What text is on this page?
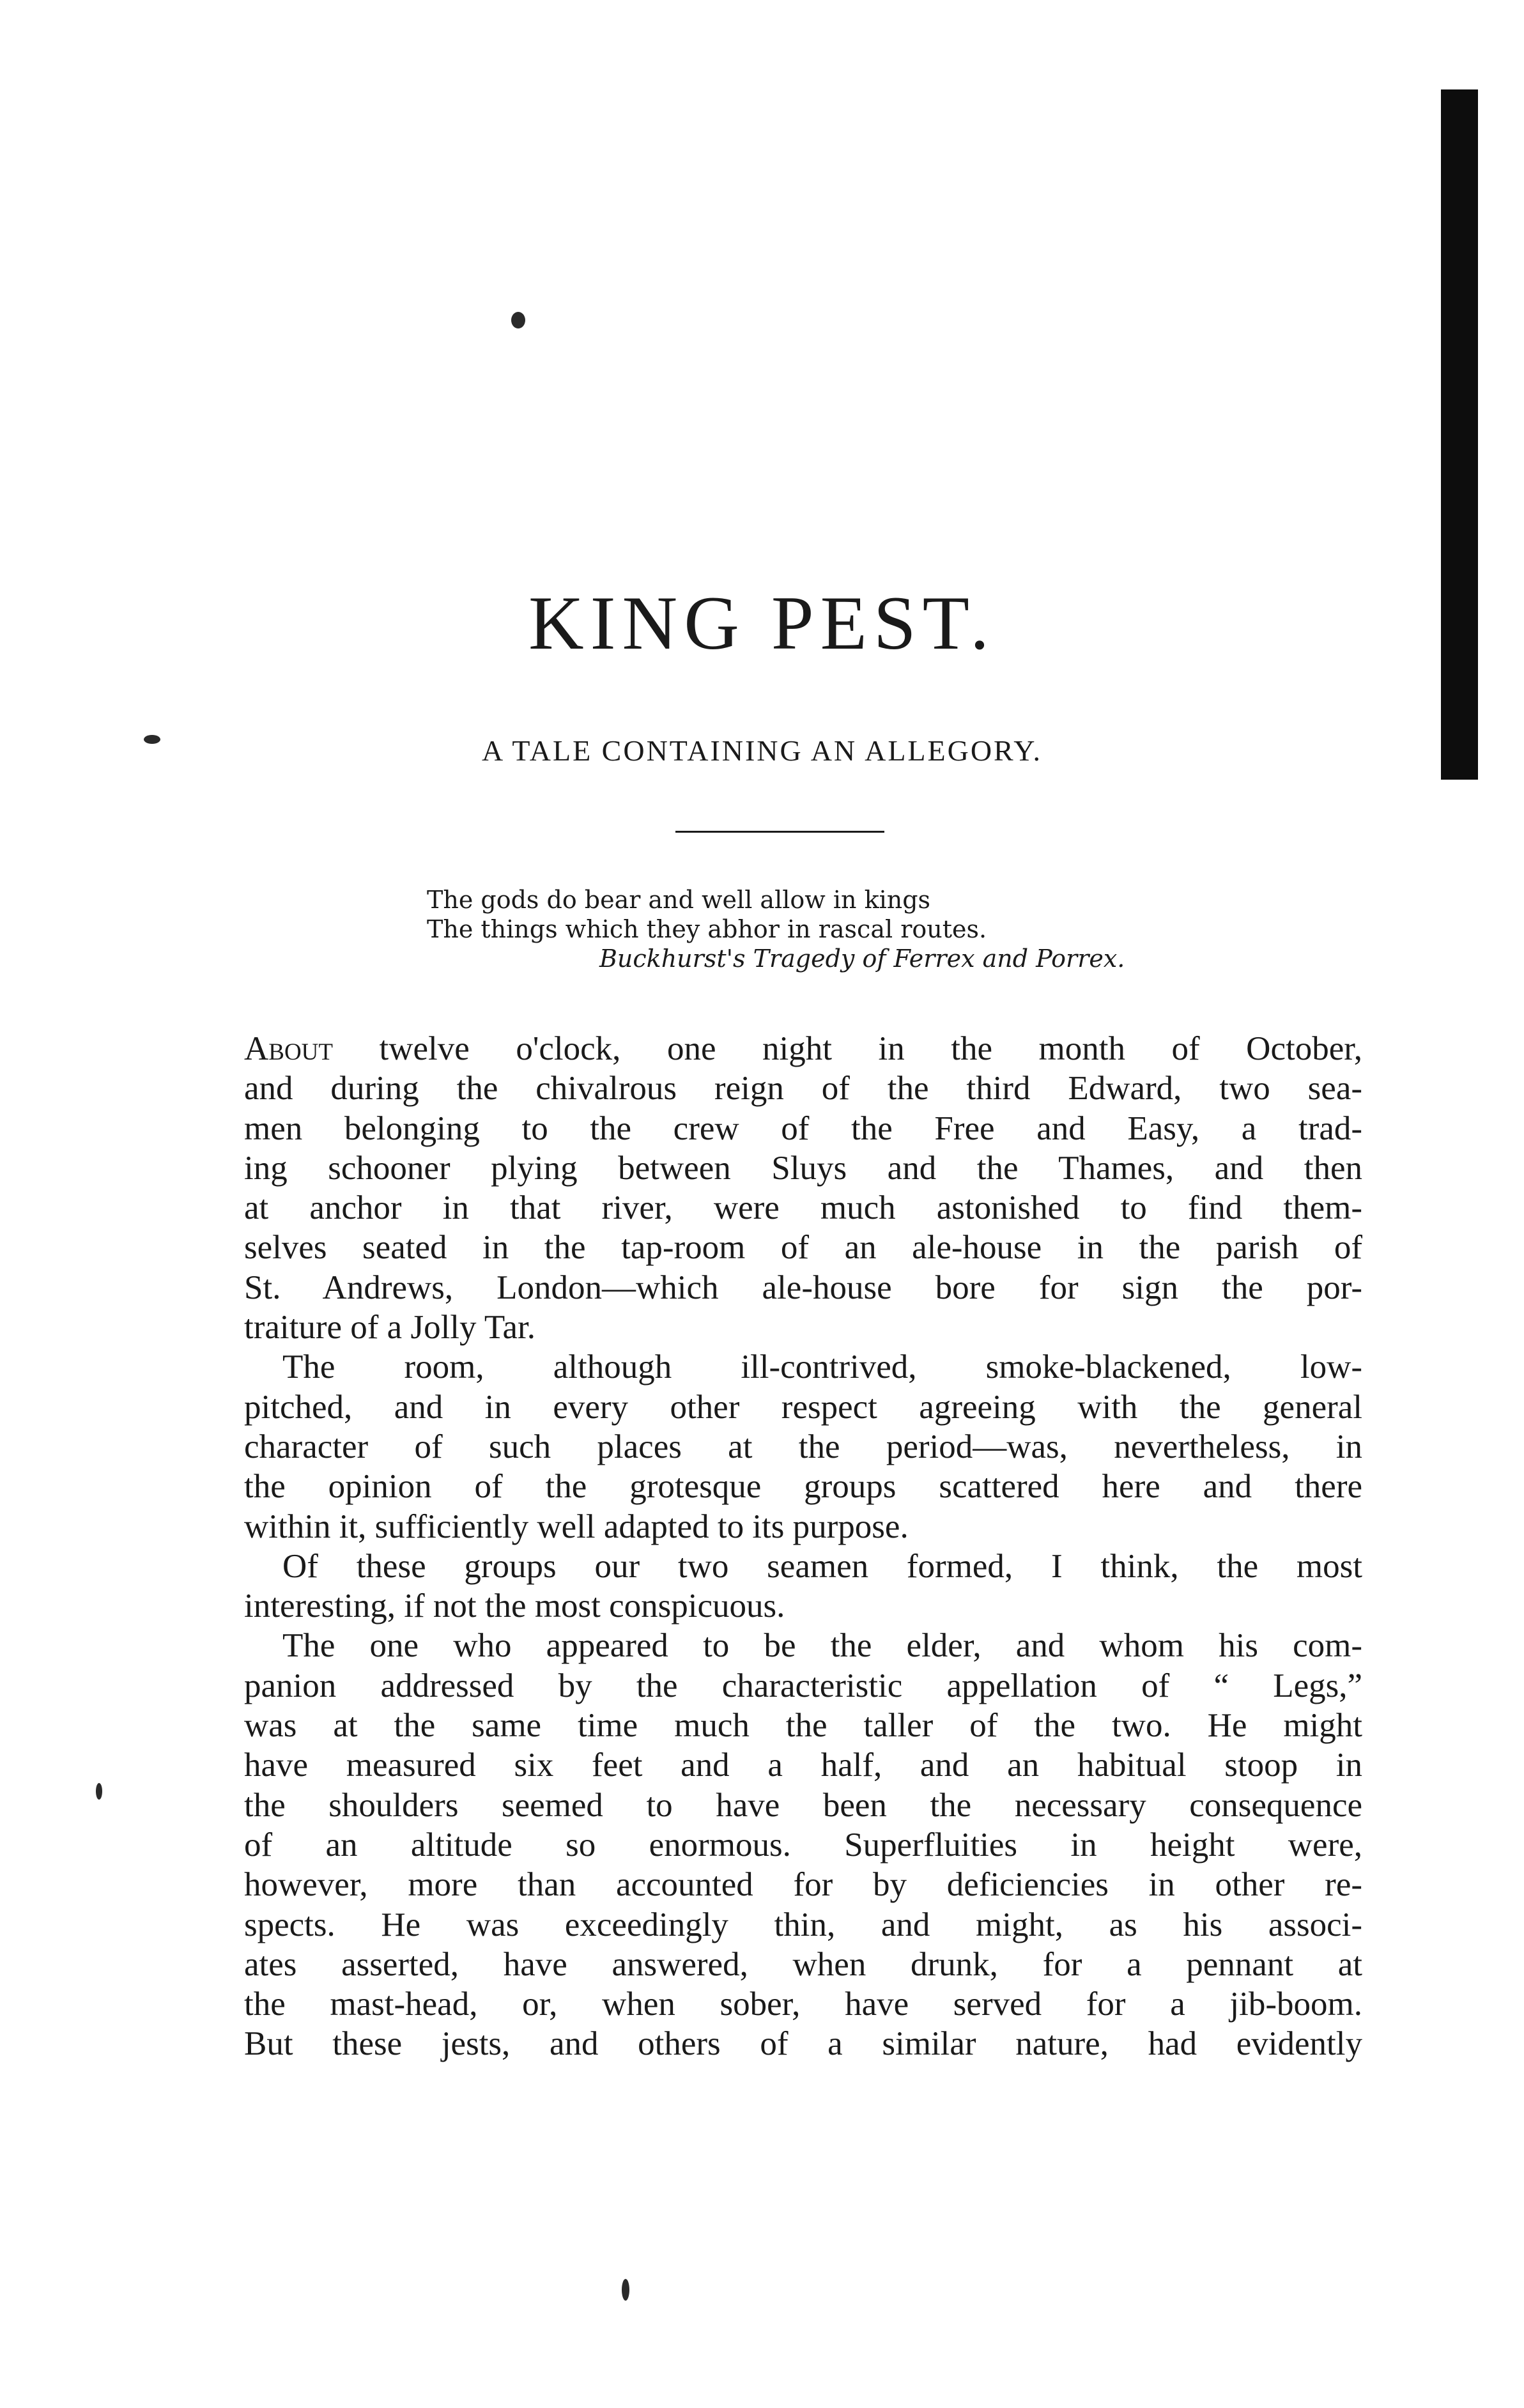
KING PEST.
A TALE CONTAINING AN ALLEGORY.
The gods do bear and well allow in kings
The things which they abhor in rascal routes.
Buckhurst's Tragedy of Ferrex and Porrex.
About twelve o'clock, one night in the month of October,
and during the chivalrous reign of the third Edward, two sea-
men belonging to the crew of the Free and Easy, a trad-
ing schooner plying between Sluys and the Thames, and then
at anchor in that river, were much astonished to find them-
selves seated in the tap-room of an ale-house in the parish of
St. Andrews, London—which ale-house bore for sign the por-
traiture of a Jolly Tar.
The room, although ill-contrived, smoke-blackened, low-
pitched, and in every other respect agreeing with the general
character of such places at the period—was, nevertheless, in
the opinion of the grotesque groups scattered here and there
within it, sufficiently well adapted to its purpose.
Of these groups our two seamen formed, I think, the most
interesting, if not the most conspicuous.
The one who appeared to be the elder, and whom his com-
panion addressed by the characteristic appellation of “ Legs,”
was at the same time much the taller of the two. He might
have measured six feet and a half, and an habitual stoop in
the shoulders seemed to have been the necessary consequence
of an altitude so enormous. Superfluities in height were,
however, more than accounted for by deficiencies in other re-
spects. He was exceedingly thin, and might, as his associ-
ates asserted, have answered, when drunk, for a pennant at
the mast-head, or, when sober, have served for a jib-boom.
But these jests, and others of a similar nature, had evidently
